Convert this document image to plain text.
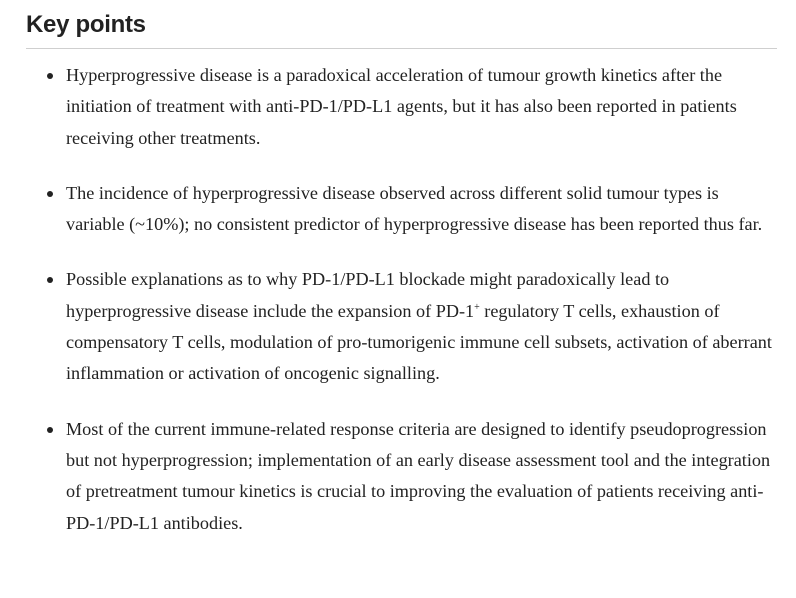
Key points
Hyperprogressive disease is a paradoxical acceleration of tumour growth kinetics after the initiation of treatment with anti-PD-1/PD-L1 agents, but it has also been reported in patients receiving other treatments.
The incidence of hyperprogressive disease observed across different solid tumour types is variable (~10%); no consistent predictor of hyperprogressive disease has been reported thus far.
Possible explanations as to why PD-1/PD-L1 blockade might paradoxically lead to hyperprogressive disease include the expansion of PD-1+ regulatory T cells, exhaustion of compensatory T cells, modulation of pro-tumorigenic immune cell subsets, activation of aberrant inflammation or activation of oncogenic signalling.
Most of the current immune-related response criteria are designed to identify pseudoprogression but not hyperprogression; implementation of an early disease assessment tool and the integration of pretreatment tumour kinetics is crucial to improving the evaluation of patients receiving anti-PD-1/PD-L1 antibodies.
